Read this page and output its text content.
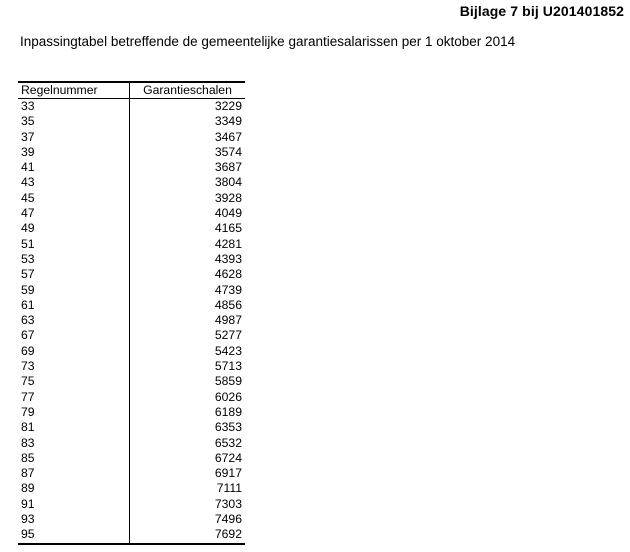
Bijlage 7 bij U201401852
Inpassingtabel betreffende de gemeentelijke garantiesalarissen per 1 oktober 2014
Regelnummer	Garantieschalen
33	3229
35	3349
37	3467
39	3574
41	3687
43	3804
45	3928
47	4049
49	4165
51	4281
53	4393
57	4628
59	4739
61	4856
63	4987
67	5277
69	5423
73	5713
75	5859
77	6026
79	6189
81	6353
83	6532
85	6724
87	6917
89	7111
91	7303
93	7496
95	7692
